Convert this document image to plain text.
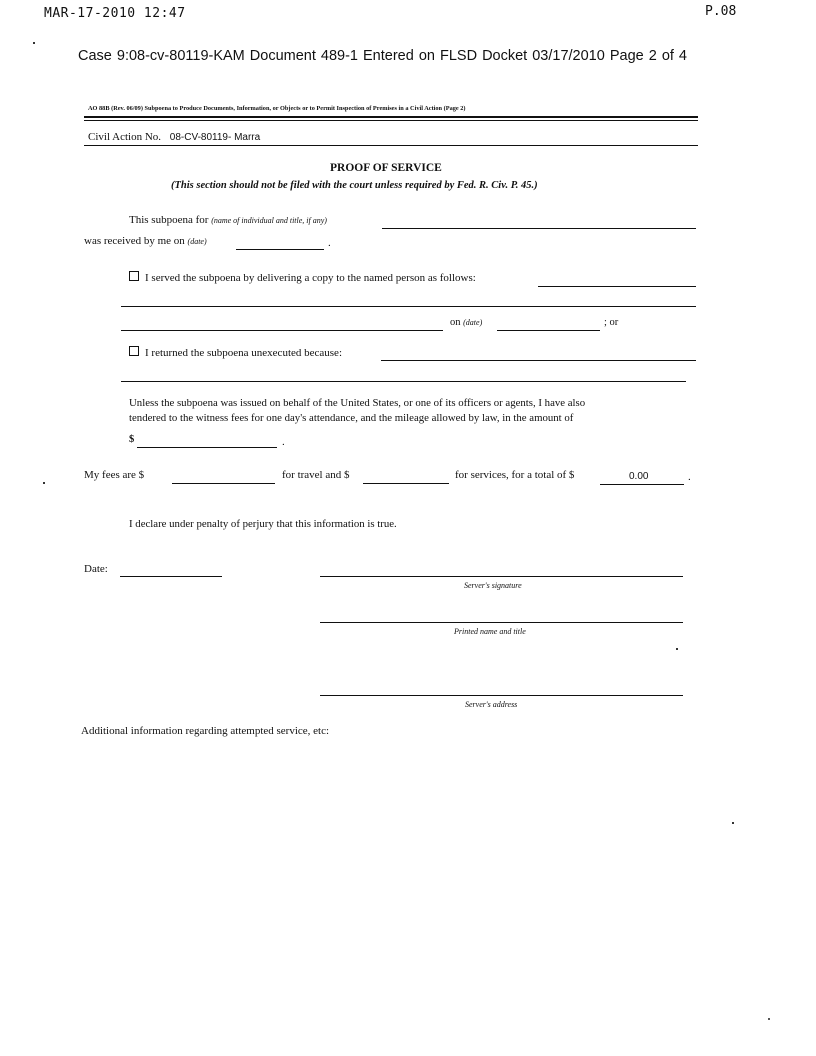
MAR-17-2010 12:47	P.08
Case 9:08-cv-80119-KAM Document 489-1 Entered on FLSD Docket 03/17/2010 Page 2 of 4
AO 88B (Rev. 06/09) Subpoena to Produce Documents, Information, or Objects or to Permit Inspection of Premises in a Civil Action (Page 2)
Civil Action No. 08-CV-80119- Marra
PROOF OF SERVICE
(This section should not be filed with the court unless required by Fed. R. Civ. P. 45.)
This subpoena for (name of individual and title, if any)
was received by me on (date)	.
I served the subpoena by delivering a copy to the named person as follows:
on (date)	; or
I returned the subpoena unexecuted because:
Unless the subpoena was issued on behalf of the United States, or one of its officers or agents, I have also
tendered to the witness fees for one day's attendance, and the mileage allowed by law, in the amount of
$	.
My fees are $	for travel and $	for services, for a total of $	0.00	.
I declare under penalty of perjury that this information is true.
Date:
Server's signature
Printed name and title
Server's address
Additional information regarding attempted service, etc:
